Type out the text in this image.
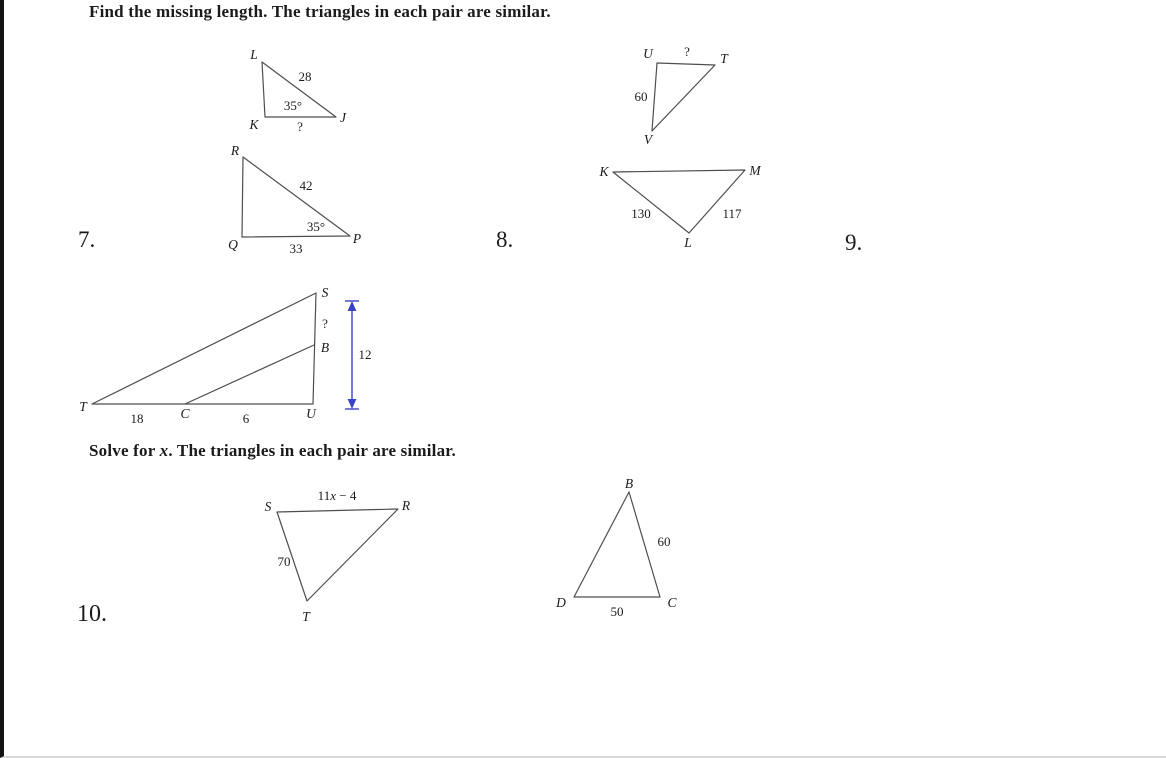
Find the missing length. The triangles in each pair are similar.
Solve for x. The triangles in each pair are similar.
7.	8.	9.
10.
L
28
35°
K	?
J
R
42
35°
Q	33
P
U ? T
60
V
K	M
130	117
L
S
?
B
T
18	C	6	U
12
S
11x − 4
R
70
T
B
60
D
50
C
